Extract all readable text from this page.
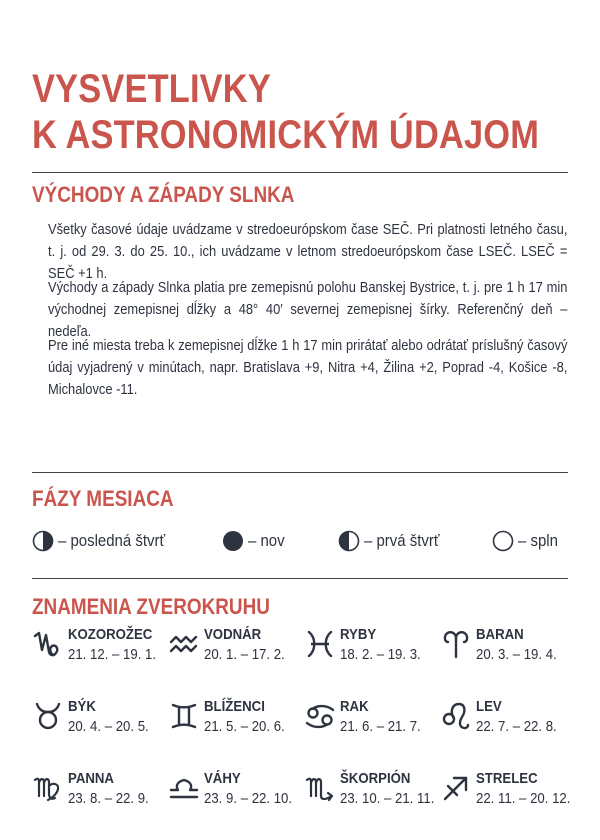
VYSVETLIVKY
K ASTRONOMICKÝM ÚDAJOM
VÝCHODY A ZÁPADY SLNKA

Všetky časové údaje uvádzame v stredoeurópskom čase SEČ. Pri platnosti letného času, t. j. od 29. 3. do 25. 10., ich uvádzame v letnom stredoeurópskom čase LSEČ. LSEČ = SEČ +1 h.

Východy a západy Slnka platia pre zemepisnú polohu Banskej Bystrice, t. j. pre 1 h 17 min východnej zemepisnej dĺžky a 48° 40′ severnej zemepisnej šírky. Referenčný deň – nedeľa.

Pre iné miesta treba k zemepisnej dĺžke 1 h 17 min prirátať alebo odrátať príslušný časový údaj vyjadrený v minútach, napr. Bratislava +9, Nitra +4, Žilina +2, Poprad -4, Košice -8, Michalovce -11.

FÁZY MESIACA
– posledná štvrť	– nov	– prvá štvrť	– spln
ZNAMENIA ZVEROKRUHU
KOZOROŽEC
21. 12. – 19. 1.
VODNÁR
20. 1. – 17. 2.
RYBY
18. 2. – 19. 3.
BARAN
20. 3. – 19. 4.
BÝK
20. 4. – 20. 5.
BLÍŽENCI
21. 5. – 20. 6.
RAK
21. 6. – 21. 7.
LEV
22. 7. – 22. 8.
PANNA
23. 8. – 22. 9.
VÁHY
23. 9. – 22. 10.
ŠKORPIÓN
23. 10. – 21. 11.
STRELEC
22. 11. – 20. 12.
